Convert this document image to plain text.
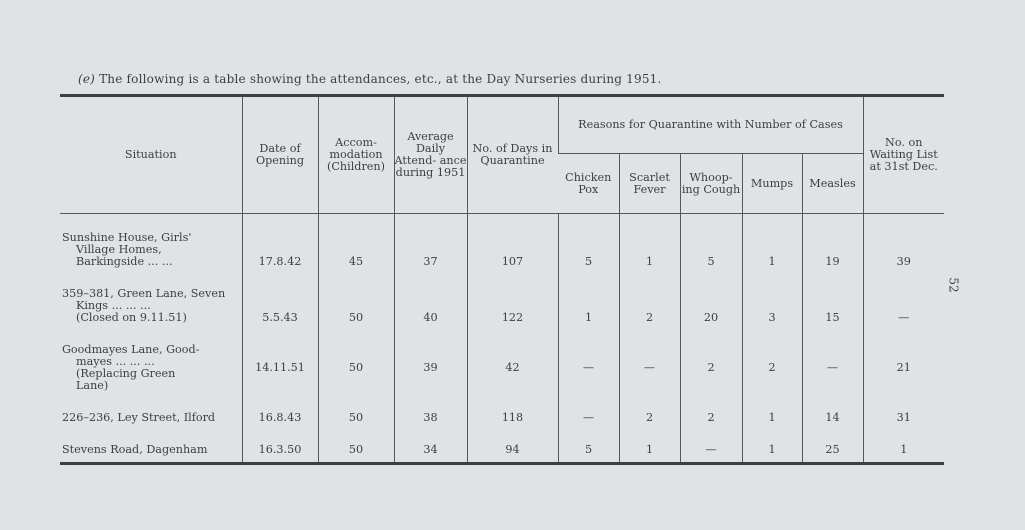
(e) The following is a table showing the attendances, etc., at the Day Nurseries during 1951.
52
Situation	Date of Opening	Accom- modation (Children)	Average Daily Attend- ance during 1951	No. of Days in Quarantine	Reasons for Quarantine with Number of Cases					No. on Waiting List at 31st Dec.
					Chicken Pox	Scarlet Fever	Whoop- ing Cough	Mumps	Measles	
Sunshine House, Girls'
Village Homes,
Barkingside ... ...	17.8.42	45	37	107	5	1	5	1	19	39
359–381, Green Lane, Seven
Kings ... ... ...
(Closed on 9.11.51)	5.5.43	50	40	122	1	2	20	3	15	—
Goodmayes Lane, Good-
mayes ... ... ...
(Replacing Green
Lane)	14.11.51	50	39	42	—	—	2	2	—	21
226–236, Ley Street, Ilford	16.8.43	50	38	118	—	2	2	1	14	31
Stevens Road, Dagenham	16.3.50	50	34	94	5	1	—	1	25	1
